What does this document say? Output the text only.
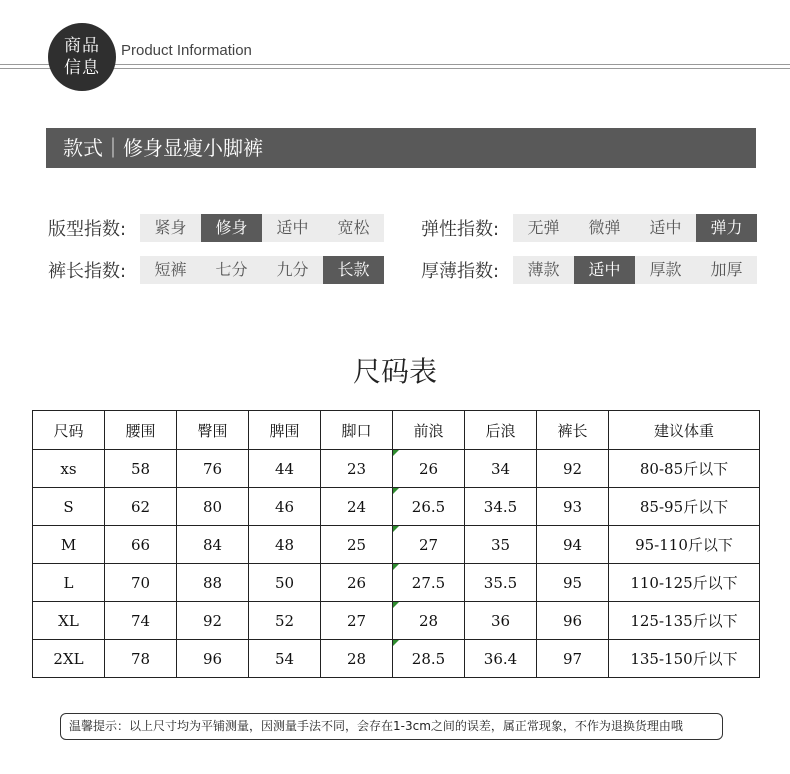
商品
信息
Product Information
款式｜修身显瘦小脚裤
版型指数:	紧身	修身	适中	宽松	弹性指数:	无弹	微弹	适中	弹力
裤长指数:	短裤	七分	九分	长款	厚薄指数:	薄款	适中	厚款	加厚
尺码表
尺码	腰围	臀围	脾围	脚口	前浪	后浪	裤长	建议体重
xs	58	76	44	23	26	34	92	80-85斤以下
S	62	80	46	24	26.5	34.5	93	85-95斤以下
M	66	84	48	25	27	35	94	95-110斤以下
L	70	88	50	26	27.5	35.5	95	110-125斤以下
XL	74	92	52	27	28	36	96	125-135斤以下
2XL	78	96	54	28	28.5	36.4	97	135-150斤以下
温馨提示：以上尺寸均为平铺测量，因测量手法不同，会存在1-3cm之间的误差，属正常现象，不作为退换货理由哦
